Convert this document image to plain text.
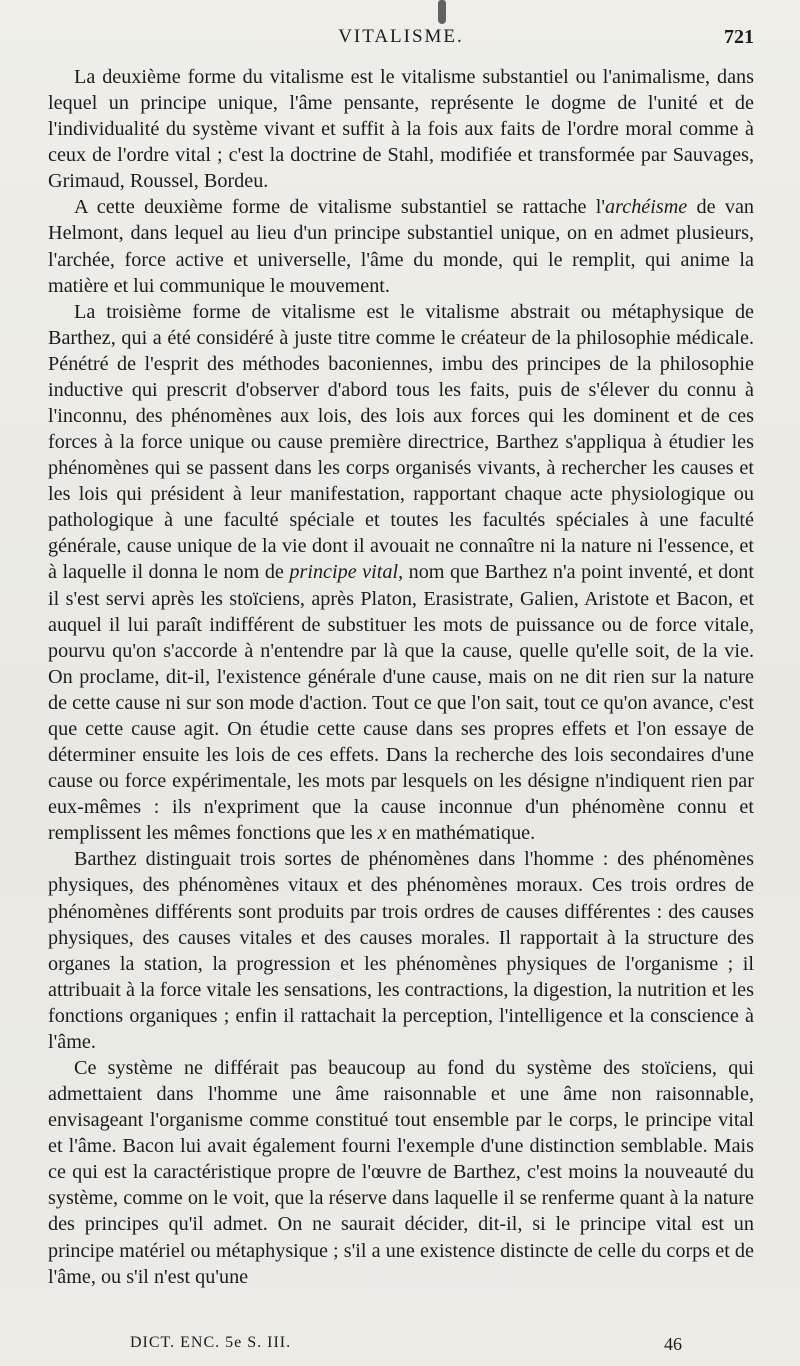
VITALISME.	721

La deuxième forme du vitalisme est le vitalisme substantiel ou l'animalisme, dans lequel un principe unique, l'âme pensante, représente le dogme de l'unité et de l'individualité du système vivant et suffit à la fois aux faits de l'ordre moral comme à ceux de l'ordre vital ; c'est la doctrine de Stahl, modifiée et transformée par Sauvages, Grimaud, Roussel, Bordeu.

A cette deuxième forme de vitalisme substantiel se rattache l'archéisme de van Helmont, dans lequel au lieu d'un principe substantiel unique, on en admet plusieurs, l'archée, force active et universelle, l'âme du monde, qui le remplit, qui anime la matière et lui communique le mouvement.

La troisième forme de vitalisme est le vitalisme abstrait ou métaphysique de Barthez, qui a été considéré à juste titre comme le créateur de la philosophie médicale. Pénétré de l'esprit des méthodes baconiennes, imbu des principes de la philosophie inductive qui prescrit d'observer d'abord tous les faits, puis de s'élever du connu à l'inconnu, des phénomènes aux lois, des lois aux forces qui les dominent et de ces forces à la force unique ou cause première directrice, Barthez s'appliqua à étudier les phénomènes qui se passent dans les corps organisés vivants, à rechercher les causes et les lois qui président à leur manifestation, rapportant chaque acte physiologique ou pathologique à une faculté spéciale et toutes les facultés spéciales à une faculté générale, cause unique de la vie dont il avouait ne connaître ni la nature ni l'essence, et à laquelle il donna le nom de principe vital, nom que Barthez n'a point inventé, et dont il s'est servi après les stoïciens, après Platon, Erasistrate, Galien, Aristote et Bacon, et auquel il lui paraît indifférent de substituer les mots de puissance ou de force vitale, pourvu qu'on s'accorde à n'entendre par là que la cause, quelle qu'elle soit, de la vie. On proclame, dit-il, l'existence générale d'une cause, mais on ne dit rien sur la nature de cette cause ni sur son mode d'action. Tout ce que l'on sait, tout ce qu'on avance, c'est que cette cause agit. On étudie cette cause dans ses propres effets et l'on essaye de déterminer ensuite les lois de ces effets. Dans la recherche des lois secondaires d'une cause ou force expérimentale, les mots par lesquels on les désigne n'indiquent rien par eux-mêmes : ils n'expriment que la cause inconnue d'un phénomène connu et remplissent les mêmes fonctions que les x en mathématique.

Barthez distinguait trois sortes de phénomènes dans l'homme : des phénomènes physiques, des phénomènes vitaux et des phénomènes moraux. Ces trois ordres de phénomènes différents sont produits par trois ordres de causes différentes : des causes physiques, des causes vitales et des causes morales. Il rapportait à la structure des organes la station, la progression et les phénomènes physiques de l'organisme ; il attribuait à la force vitale les sensations, les contractions, la digestion, la nutrition et les fonctions organiques ; enfin il rattachait la perception, l'intelligence et la conscience à l'âme.

Ce système ne différait pas beaucoup au fond du système des stoïciens, qui admettaient dans l'homme une âme raisonnable et une âme non raisonnable, envisageant l'organisme comme constitué tout ensemble par le corps, le principe vital et l'âme. Bacon lui avait également fourni l'exemple d'une distinction semblable. Mais ce qui est la caractéristique propre de l'œuvre de Barthez, c'est moins la nouveauté du système, comme on le voit, que la réserve dans laquelle il se renferme quant à la nature des principes qu'il admet. On ne saurait décider, dit-il, si le principe vital est un principe matériel ou métaphysique ; s'il a une existence distincte de celle du corps et de l'âme, ou s'il n'est qu'une

DICT. ENC. 5e S. III.	46
